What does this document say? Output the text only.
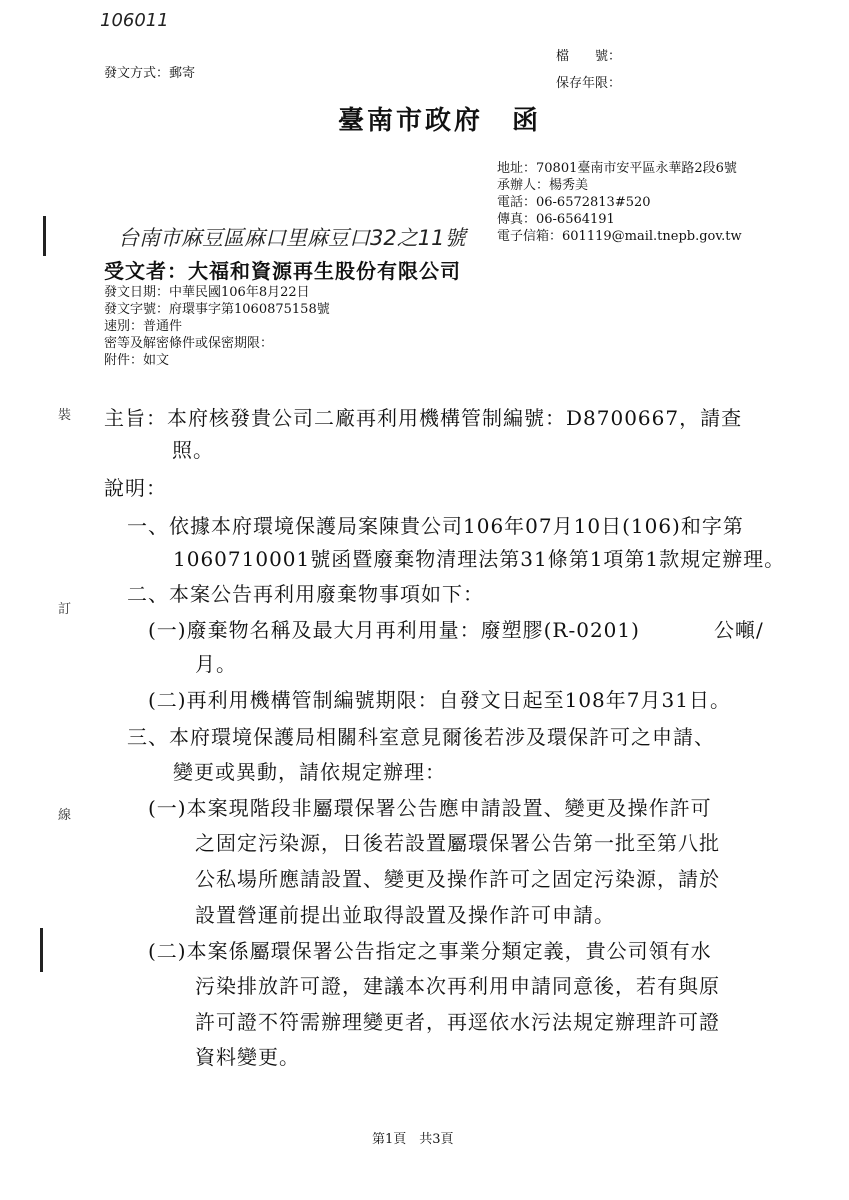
106011
台南市麻豆區麻口里麻豆口32之11號
發文方式：郵寄
檔　　號：
保存年限：
臺南市政府　函
地址：70801臺南市安平區永華路2段6號
承辦人：楊秀美
電話：06-6572813#520
傳真：06-6564191
電子信箱：601119@mail.tnepb.gov.tw
受文者：大福和資源再生股份有限公司
發文日期：中華民國106年8月22日
發文字號：府環事字第1060875158號
速別：普通件
密等及解密條件或保密期限：
附件：如文
主旨：本府核發貴公司二廠再利用機構管制編號：D8700667，請查
照。
說明：
一、依據本府環境保護局案陳貴公司106年07月10日(106)和字第
1060710001號函暨廢棄物清理法第31條第1項第1款規定辦理。
二、本案公告再利用廢棄物事項如下：
(一)廢棄物名稱及最大月再利用量：廢塑膠(R-0201)	公噸/
月。
(二)再利用機構管制編號期限：自發文日起至108年7月31日。
三、本府環境保護局相關科室意見爾後若涉及環保許可之申請、
變更或異動，請依規定辦理：
(一)本案現階段非屬環保署公告應申請設置、變更及操作許可
之固定污染源，日後若設置屬環保署公告第一批至第八批
公私場所應請設置、變更及操作許可之固定污染源，請於
設置營運前提出並取得設置及操作許可申請。
(二)本案係屬環保署公告指定之事業分類定義，貴公司領有水
污染排放許可證，建議本次再利用申請同意後，若有與原
許可證不符需辦理變更者，再逕依水污法規定辦理許可證
資料變更。
裝
訂
線
第1頁　共3頁
